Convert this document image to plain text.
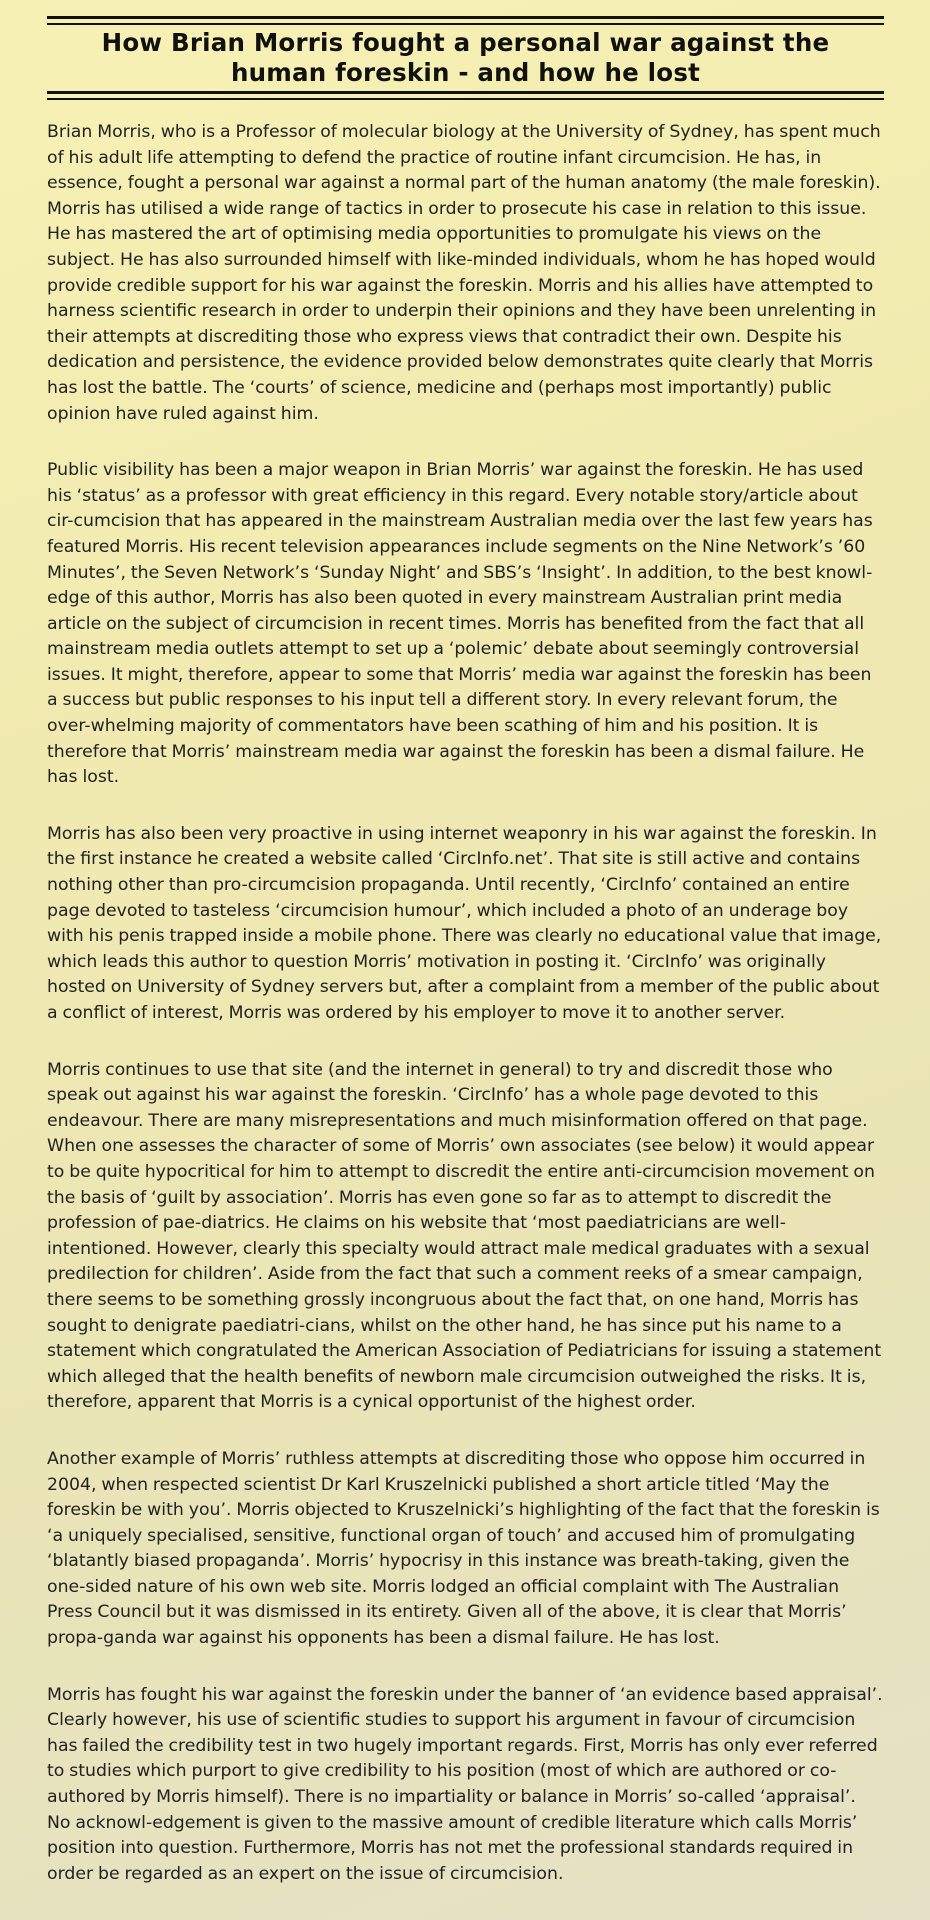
How Brian Morris fought a personal war against the human foreskin - and how he lost

Brian Morris, who is a Professor of molecular biology at the University of Sydney, has spent much of his adult life attempting to defend the practice of routine infant circumcision. He has, in essence, fought a personal war against a normal part of the human anatomy (the male foreskin). Morris has utilised a wide range of tactics in order to prosecute his case in relation to this issue. He has mastered the art of optimising media opportunities to promulgate his views on the subject. He has also surrounded himself with like-minded individuals, whom he has hoped would provide credible support for his war against the foreskin. Morris and his allies have attempted to harness scientific research in order to underpin their opinions and they have been unrelenting in their attempts at discrediting those who express views that contradict their own. Despite his dedication and persistence, the evidence provided below demonstrates quite clearly that Morris has lost the battle. The ‘courts’ of science, medicine and (perhaps most importantly) public opinion have ruled against him.

Public visibility has been a major weapon in Brian Morris’ war against the foreskin. He has used his ‘status’ as a professor with great efficiency in this regard. Every notable story/article about cir-cumcision that has appeared in the mainstream Australian media over the last few years has featured Morris. His recent television appearances include segments on the Nine Network’s ’60 Minutes’, the Seven Network’s ‘Sunday Night’ and SBS’s ‘Insight’. In addition, to the best knowl-edge of this author, Morris has also been quoted in every mainstream Australian print media article on the subject of circumcision in recent times. Morris has benefited from the fact that all mainstream media outlets attempt to set up a ‘polemic’ debate about seemingly controversial issues. It might, therefore, appear to some that Morris’ media war against the foreskin has been a success but public responses to his input tell a different story. In every relevant forum, the over-whelming majority of commentators have been scathing of him and his position. It is therefore that Morris’ mainstream media war against the foreskin has been a dismal failure. He has lost.

Morris has also been very proactive in using internet weaponry in his war against the foreskin. In the first instance he created a website called ‘CircInfo.net’. That site is still active and contains nothing other than pro-circumcision propaganda. Until recently, ‘CircInfo’ contained an entire page devoted to tasteless ‘circumcision humour’, which included a photo of an underage boy with his penis trapped inside a mobile phone. There was clearly no educational value that image, which leads this author to question Morris’ motivation in posting it. ‘CircInfo’ was originally hosted on University of Sydney servers but, after a complaint from a member of the public about a conflict of interest, Morris was ordered by his employer to move it to another server.

Morris continues to use that site (and the internet in general) to try and discredit those who speak out against his war against the foreskin. ‘CircInfo’ has a whole page devoted to this endeavour. There are many misrepresentations and much misinformation offered on that page. When one assesses the character of some of Morris’ own associates (see below) it would appear to be quite hypocritical for him to attempt to discredit the entire anti-circumcision movement on the basis of ‘guilt by association’. Morris has even gone so far as to attempt to discredit the profession of pae-diatrics. He claims on his website that ‘most paediatricians are well-intentioned. However, clearly this specialty would attract male medical graduates with a sexual predilection for children’. Aside from the fact that such a comment reeks of a smear campaign, there seems to be something grossly incongruous about the fact that, on one hand, Morris has sought to denigrate paediatri-cians, whilst on the other hand, he has since put his name to a statement which congratulated the American Association of Pediatricians for issuing a statement which alleged that the health benefits of newborn male circumcision outweighed the risks. It is, therefore, apparent that Morris is a cynical opportunist of the highest order.

Another example of Morris’ ruthless attempts at discrediting those who oppose him occurred in 2004, when respected scientist Dr Karl Kruszelnicki published a short article titled ‘May the foreskin be with you’. Morris objected to Kruszelnicki’s highlighting of the fact that the foreskin is ‘a uniquely specialised, sensitive, functional organ of touch’ and accused him of promulgating ‘blatantly biased propaganda’. Morris’ hypocrisy in this instance was breath-taking, given the one-sided nature of his own web site. Morris lodged an official complaint with The Australian Press Council but it was dismissed in its entirety. Given all of the above, it is clear that Morris’ propa-ganda war against his opponents has been a dismal failure. He has lost.

Morris has fought his war against the foreskin under the banner of ‘an evidence based appraisal’. Clearly however, his use of scientific studies to support his argument in favour of circumcision has failed the credibility test in two hugely important regards. First, Morris has only ever referred to studies which purport to give credibility to his position (most of which are authored or co-authored by Morris himself). There is no impartiality or balance in Morris’ so-called ‘appraisal’. No acknowl-edgement is given to the massive amount of credible literature which calls Morris’ position into question. Furthermore, Morris has not met the professional standards required in order be regarded as an expert on the issue of circumcision.
